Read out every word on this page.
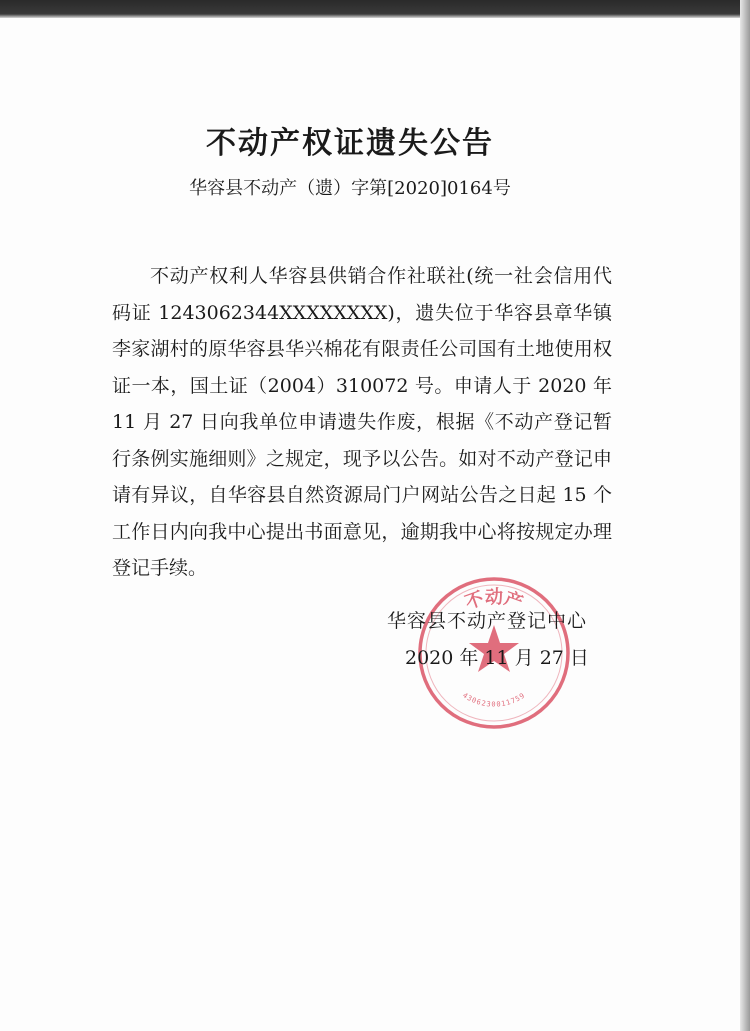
不动产权证遗失公告
华容县不动产（遗）字第[2020]0164号

不动产权利人华容县供销合作社联社(统一社会信用代码证 1243062344XXXXXXXX)，遗失位于华容县章华镇李家湖村的原华容县华兴棉花有限责任公司国有土地使用权证一本，国土证（2004）310072 号。申请人于 2020 年 11 月 27 日向我单位申请遗失作废，根据《不动产登记暂行条例实施细则》之规定，现予以公告。如对不动产登记申请有异议，自华容县自然资源局门户网站公告之日起 15 个工作日内向我中心提出书面意见，逾期我中心将按规定办理登记手续。

不动产
4306230011759
华容县不动产登记中心
2020 年 11 月 27 日
